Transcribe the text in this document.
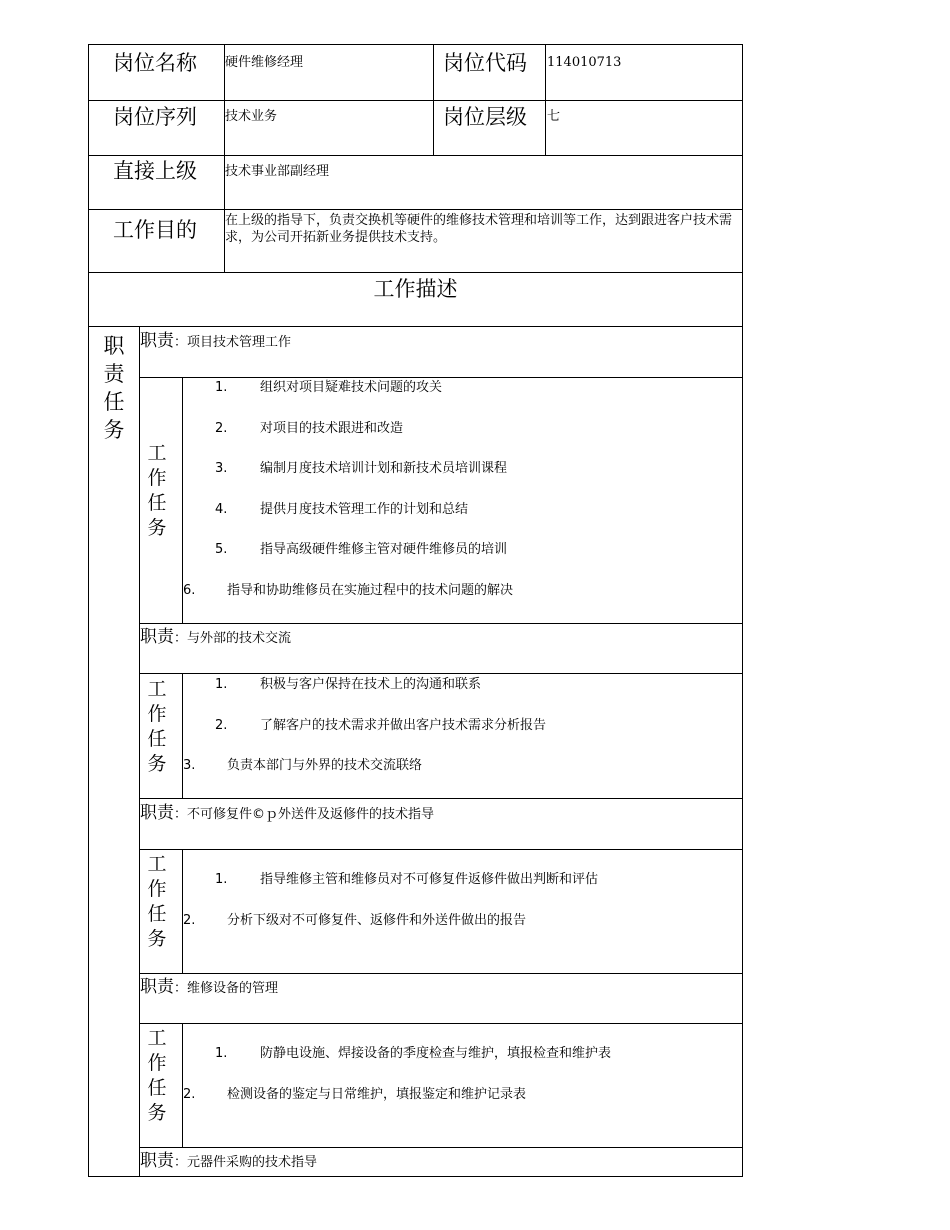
岗位名称 硬件维修经理	岗位代码 114010713
岗位序列 技术业务	岗位层级 七
直接上级 技术事业部副经理
工作目的 在上级的指导下，负责交换机等硬件的维修技术管理和培训等工作，达到跟进客户技术需求，为公司开拓新业务提供技术支持。
工作描述
职
责
任
务
职责：项目技术管理工作
工
作
任
务
1.	组织对项目疑难技术问题的攻关
2.	对项目的技术跟进和改造
3.	编制月度技术培训计划和新技术员培训课程
4.	提供月度技术管理工作的计划和总结
5.	指导高级硬件维修主管对硬件维修员的培训
6. 指导和协助维修员在实施过程中的技术问题的解决
职责：与外部的技术交流
工
作
任
务
1.	积极与客户保持在技术上的沟通和联系
2.	了解客户的技术需求并做出客户技术需求分析报告
3. 负责本部门与外界的技术交流联络
职责：不可修复件©ｐ外送件及返修件的技术指导
工
作
任
务
1.	指导维修主管和维修员对不可修复件返修件做出判断和评估
2. 分析下级对不可修复件、返修件和外送件做出的报告
职责：维修设备的管理
工
作
任
务
1.	防静电设施、焊接设备的季度检查与维护，填报检查和维护表
2. 检测设备的鉴定与日常维护，填报鉴定和维护记录表
职责：元器件采购的技术指导
